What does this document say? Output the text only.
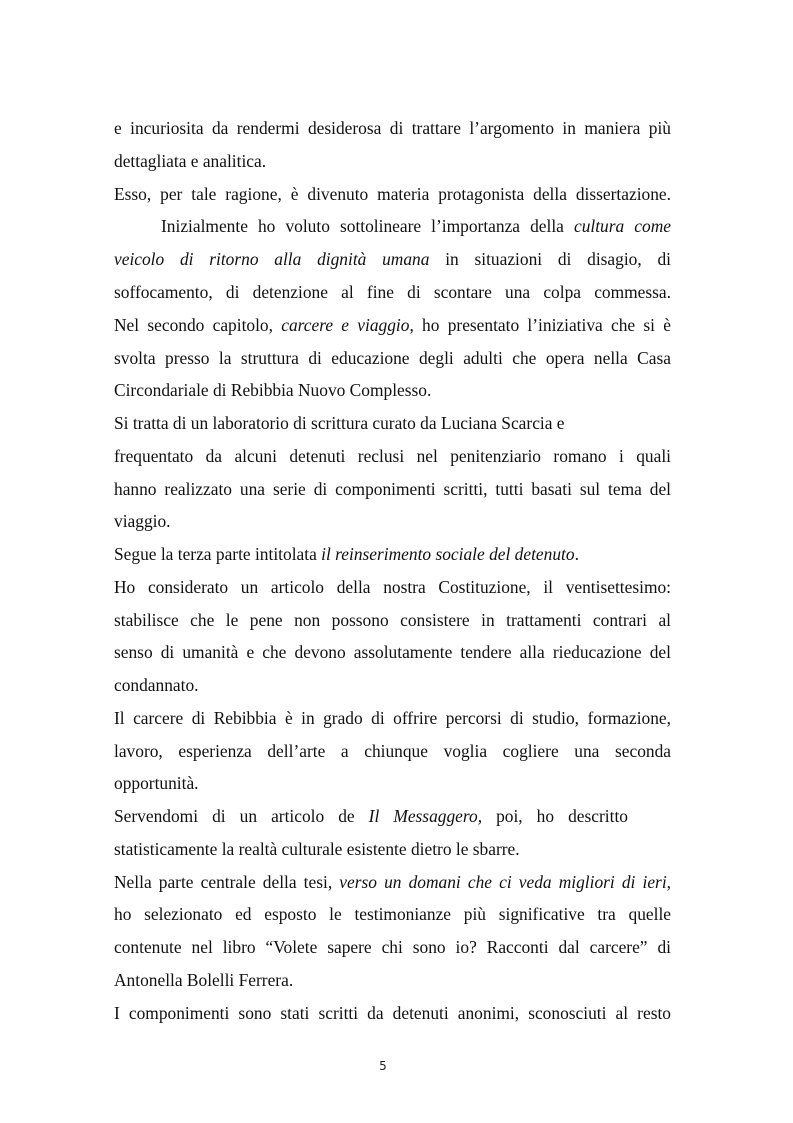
e incuriosita da rendermi desiderosa di trattare l’argomento in maniera più
dettagliata e analitica.
Esso, per tale ragione, è divenuto materia protagonista della dissertazione.
Inizialmente ho voluto sottolineare l’importanza della cultura come
veicolo di ritorno alla dignità umana in situazioni di disagio, di
soffocamento, di detenzione al fine di scontare una colpa commessa.
Nel secondo capitolo, carcere e viaggio, ho presentato l’iniziativa che si è
svolta presso la struttura di educazione degli adulti che opera nella Casa
Circondariale di Rebibbia Nuovo Complesso.
Si tratta di un laboratorio di scrittura curato da Luciana Scarcia e
frequentato da alcuni detenuti reclusi nel penitenziario romano i quali
hanno realizzato una serie di componimenti scritti, tutti basati sul tema del
viaggio.
Segue la terza parte intitolata il reinserimento sociale del detenuto.
Ho considerato un articolo della nostra Costituzione, il ventisettesimo:
stabilisce che le pene non possono consistere in trattamenti contrari al
senso di umanità e che devono assolutamente tendere alla rieducazione del
condannato.
Il carcere di Rebibbia è in grado di offrire percorsi di studio, formazione,
lavoro, esperienza dell’arte a chiunque voglia cogliere una seconda
opportunità.
Servendomi di un articolo de Il Messaggero, poi, ho descritto
statisticamente la realtà culturale esistente dietro le sbarre.
Nella parte centrale della tesi, verso un domani che ci veda migliori di ieri,
ho selezionato ed esposto le testimonianze più significative tra quelle
contenute nel libro “Volete sapere chi sono io? Racconti dal carcere” di
Antonella Bolelli Ferrera.
I componimenti sono stati scritti da detenuti anonimi, sconosciuti al resto
5
